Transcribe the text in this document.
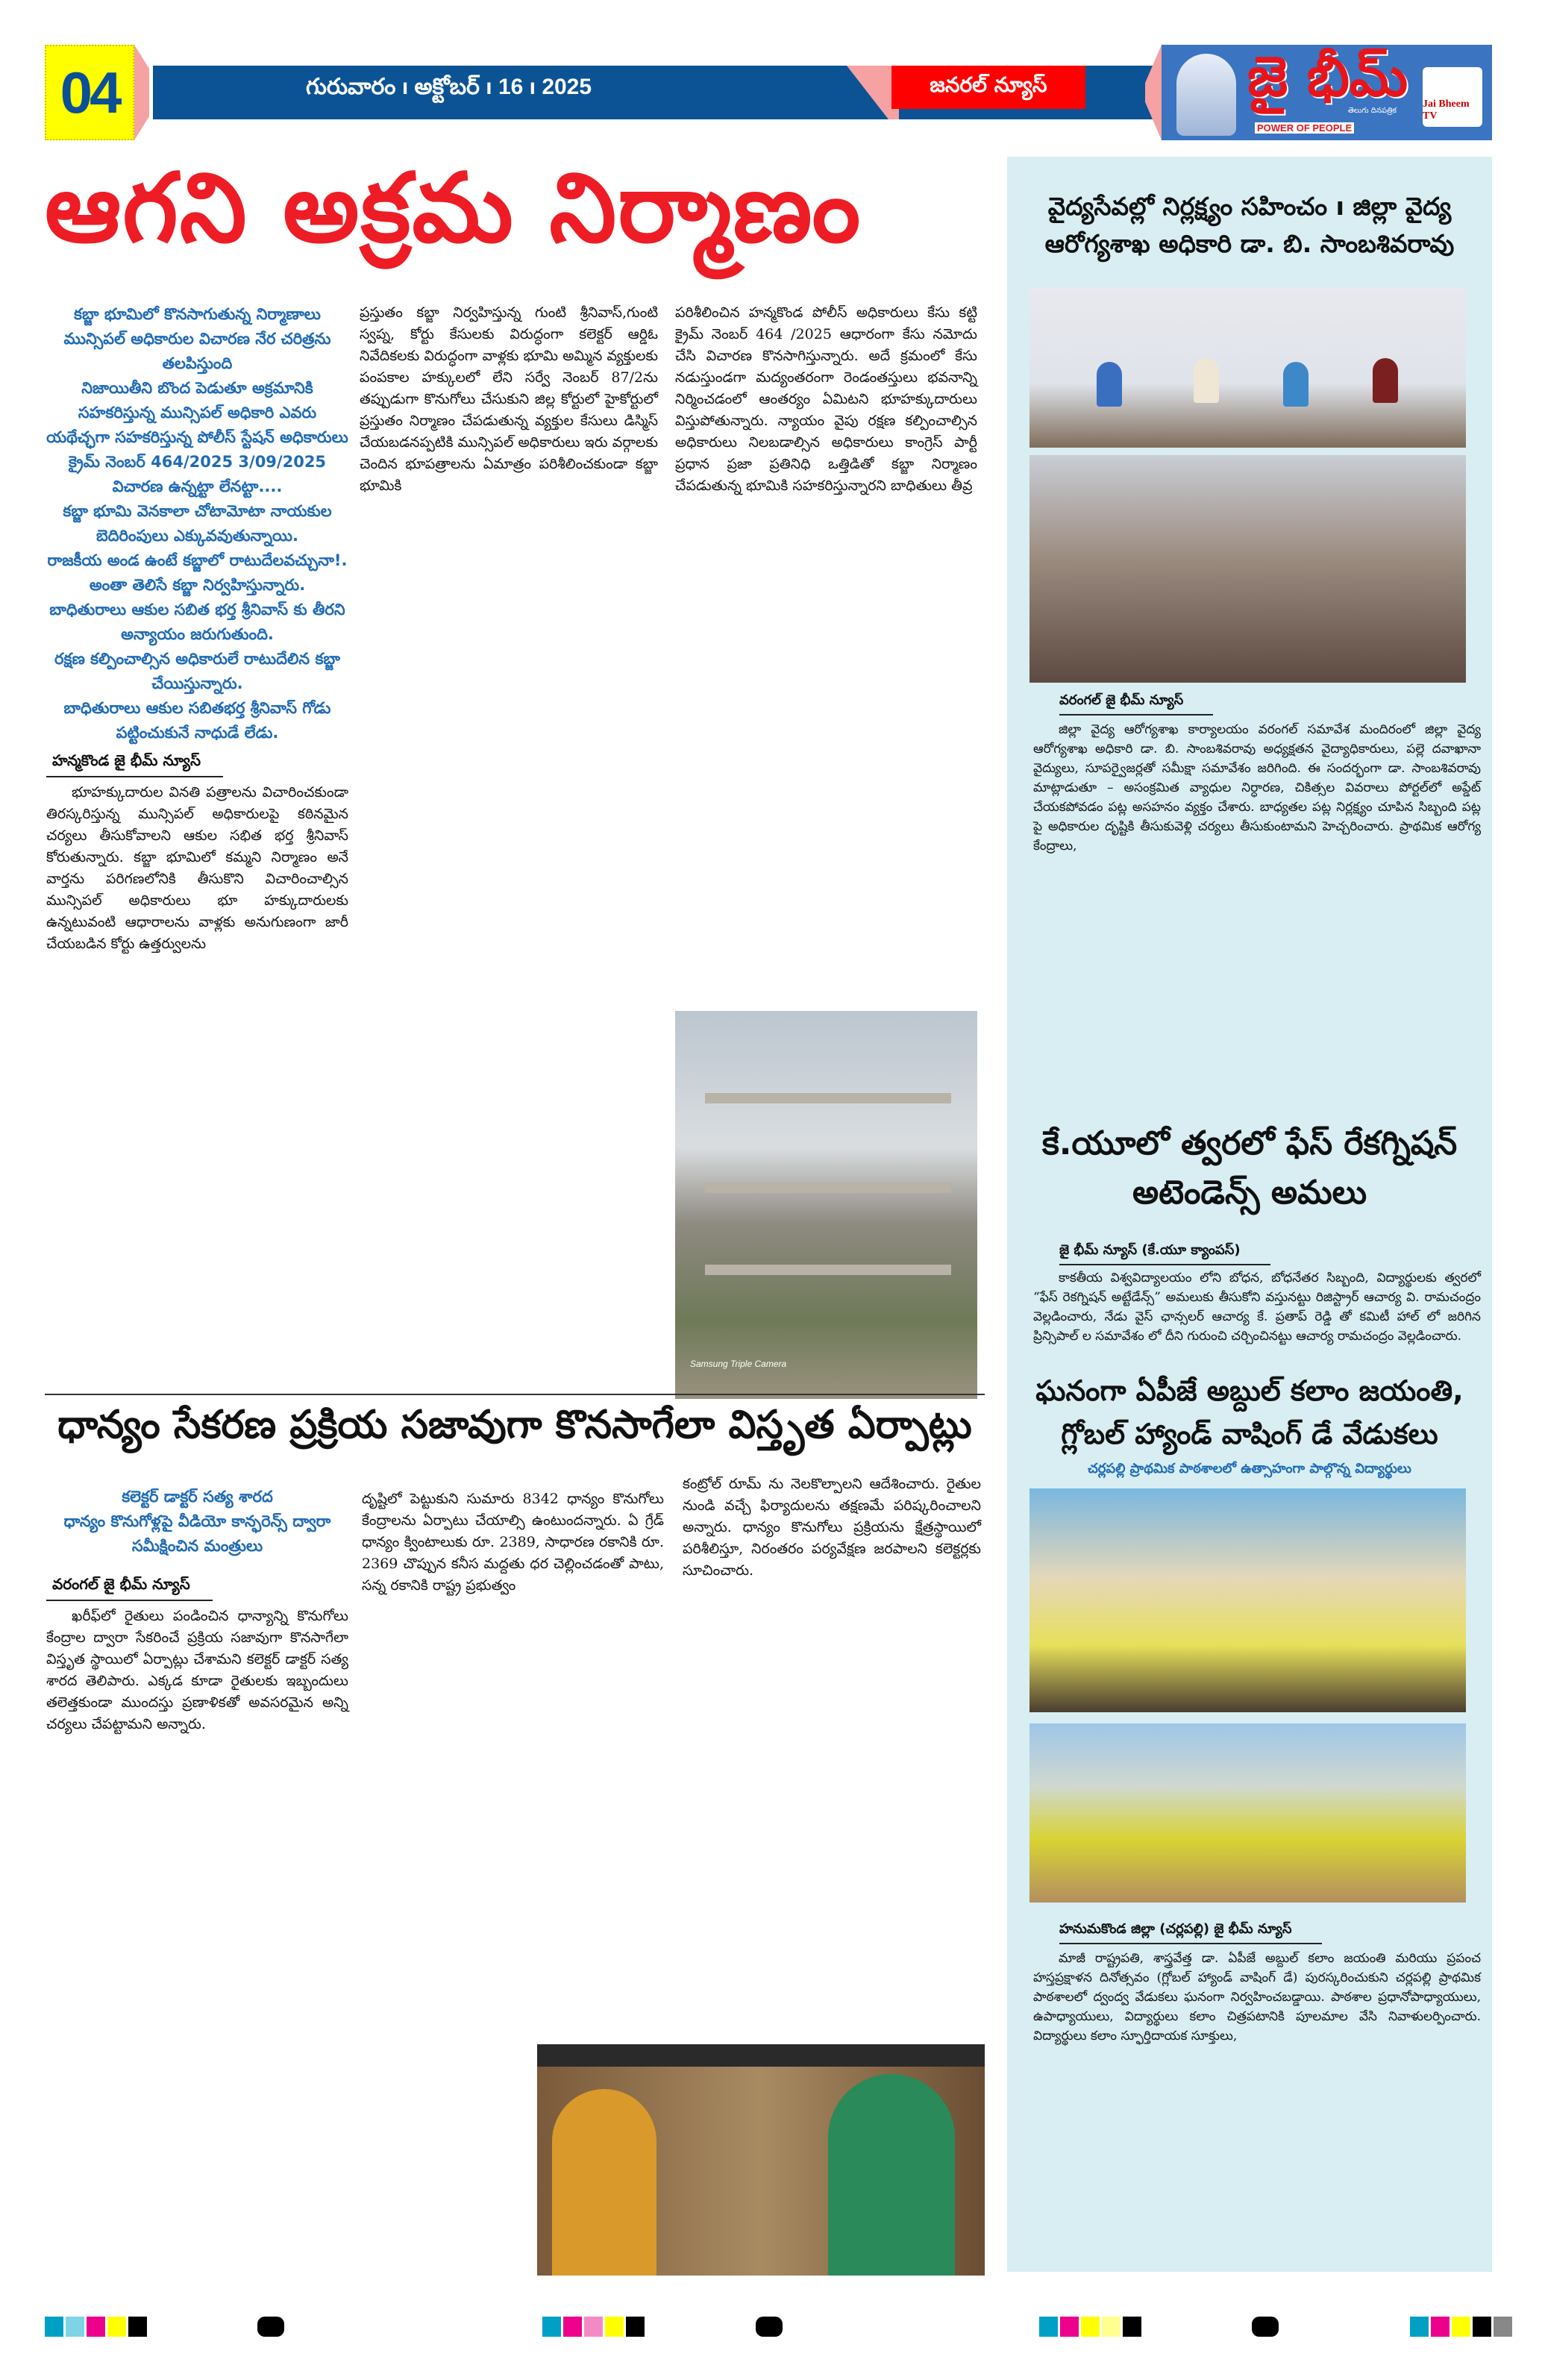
04	గురువారం ı అక్టోబర్ ı 16 ı 2025	జనరల్ న్యూస్	జై భీమ్
తెలుగు దినపత్రిక
POWER OF PEOPLE
Jai Bheem TV
ఆగని అక్రమ నిర్మాణం
కబ్జా భూమిలో కొనసాగుతున్న నిర్మాణాలు మున్సిపల్ అధికారుల విచారణ నేర చరిత్రను తలపిస్తుంది
నిజాయితీని బొంద పెడుతూ అక్రమానికి సహకరిస్తున్న మున్సిపల్ అధికారి ఎవరు యథేచ్ఛగా సహకరిస్తున్న పోలీస్ స్టేషన్ అధికారులు
క్రైమ్ నెంబర్ 464/2025 3/09/2025 విచారణ ఉన్నట్టా లేనట్టా....
కబ్జా భూమి వెనకాలా చోటామోటా నాయకుల బెదిరింపులు ఎక్కువవుతున్నాయి.
రాజకీయ అండ ఉంటే కబ్జాలో రాటుదేలవచ్చునా!.
అంతా తెలిసే కబ్జా నిర్వహిస్తున్నారు.
బాధితురాలు ఆకుల సబిత భర్త శ్రీనివాస్ కు తీరని అన్యాయం జరుగుతుంది.
రక్షణ కల్పించాల్సిన అధికారులే రాటుదేలిన కబ్జా చేయిస్తున్నారు.
బాధితురాలు ఆకుల సబితభర్త శ్రీనివాస్ గోడు పట్టించుకునే నాధుడే లేడు.
హన్మకొండ జై భీమ్ న్యూస్

భూహక్కుదారుల వినతి పత్రాలను విచారించకుండా తిరస్కరిస్తున్న మున్సిపల్ అధికారులపై కఠినమైన చర్యలు తీసుకోవాలని ఆకుల సభిత భర్త శ్రీనివాస్ కోరుతున్నారు. కబ్జా భూమిలో కమ్మని నిర్మాణం అనే వార్తను పరిగణలోనికి తీసుకొని విచారించాల్సిన మున్సిపల్ అధికారులు భూ హక్కుదారులకు ఉన్నటువంటి ఆధారాలను వాళ్లకు అనుగుణంగా జారీ చేయబడిన కోర్టు ఉత్తర్వులను

ప్రస్తుతం కబ్జా నిర్వహిస్తున్న గుంటి శ్రీనివాస్,గుంటి స్వప్న, కోర్టు కేసులకు విరుద్ధంగా కలెక్టర్ ఆర్డిఓ నివేదికలకు విరుద్ధంగా వాళ్లకు భూమి అమ్మిన వ్యక్తులకు పంపకాల హక్కులలో లేని సర్వే నెంబర్ 87/2ను తప్పుడుగా కొనుగోలు చేసుకుని జిల్ల కోర్టులో హైకోర్టులో ప్రస్తుతం నిర్మాణం చేపడుతున్న వ్యక్తుల కేసులు డిస్మిస్ చేయబడనప్పటికి మున్సిపల్ అధికారులు ఇరు వర్గాలకు చెందిన భూపత్రాలను ఏమాత్రం పరిశీలించకుండా కబ్జా భూమికి

పరిశీలించిన హన్మకొండ పోలీస్ అధికారులు కేసు కట్టి క్రైమ్ నెంబర్ 464 /2025 ఆధారంగా కేసు నమోదు చేసి విచారణ కొనసాగిస్తున్నారు. అదే క్రమంలో కేసు నడుస్తుండగా మద్యంతరంగా రెండంతస్తులు భవనాన్ని నిర్మించడంలో ఆంతర్యం ఏమిటని భూహక్కుదారులు విస్తుపోతున్నారు. న్యాయం వైపు రక్షణ కల్పించాల్సిన అధికారులు నిలబడాల్సిన అధికారులు కాంగ్రెస్ పార్టీ ప్రధాన ప్రజా ప్రతినిధి ఒత్తిడితో కబ్జా నిర్మాణం చేపడుతున్న భూమికి సహకరిస్తున్నారని బాధితులు తీవ్ర

Samsung Triple Camera
ధాన్యం సేకరణ ప్రక్రియ సజావుగా కొనసాగేలా విస్తృత ఏర్పాట్లు
కలెక్టర్ డాక్టర్ సత్య శారద
ధాన్యం కొనుగోళ్లపై వీడియో కాన్ఫరెన్స్ ద్వారా సమీక్షించిన మంత్రులు
వరంగల్ జై భీమ్ న్యూస్

ఖరీఫ్‌లో రైతులు పండించిన ధాన్యాన్ని కొనుగోలు కేంద్రాల ద్వారా సేకరించే ప్రక్రియ సజావుగా కొనసాగేలా విస్తృత స్థాయిలో ఏర్పాట్లు చేశామని కలెక్టర్ డాక్టర్ సత్య శారద తెలిపారు. ఎక్కడ కూడా రైతులకు ఇబ్బందులు తలెత్తకుండా ముందస్తు ప్రణాళికతో అవసరమైన అన్ని చర్యలు చేపట్టామని అన్నారు.

దృష్టిలో పెట్టుకుని సుమారు 8342 ధాన్యం కొనుగోలు కేంద్రాలను ఏర్పాటు చేయాల్సి ఉంటుందన్నారు. ఏ గ్రేడ్ ధాన్యం క్వింటాలుకు రూ. 2389, సాధారణ రకానికి రూ. 2369 చొప్పున కనీస మద్దతు ధర చెల్లించడంతో పాటు, సన్న రకానికి రాష్ట్ర ప్రభుత్వం

కంట్రోల్ రూమ్ ను నెలకొల్పాలని ఆదేశించారు. రైతుల నుండి వచ్చే ఫిర్యాదులను తక్షణమే పరిష్కరించాలని అన్నారు. ధాన్యం కొనుగోలు ప్రక్రియను క్షేత్రస్థాయిలో పరిశీలిస్తూ, నిరంతరం పర్యవేక్షణ జరపాలని కలెక్టర్లకు సూచించారు.

వైద్యసేవల్లో నిర్లక్ష్యం సహించం ı జిల్లా వైద్య ఆరోగ్యశాఖ అధికారి డా. బి. సాంబశివరావు
వరంగల్ జై భీమ్ న్యూస్
జిల్లా వైద్య ఆరోగ్యశాఖ కార్యాలయం వరంగల్ సమావేశ మందిరంలో జిల్లా వైద్య ఆరోగ్యశాఖ అధికారి డా. బి. సాంబశివరావు అధ్యక్షతన వైద్యాధికారులు, పల్లె దవాఖానా వైద్యులు, సూపర్వైజర్లతో సమీక్షా సమావేశం జరిగింది. ఈ సందర్భంగా డా. సాంబశివరావు మాట్లాడుతూ – అసంక్రమిత వ్యాధుల నిర్ధారణ, చికిత్సల వివరాలు పోర్టల్‌లో అప్డేట్ చేయకపోవడం పట్ల అసహనం వ్యక్తం చేశారు. బాధ్యతల పట్ల నిర్లక్ష్యం చూపిన సిబ్బంది పట్ల పై అధికారుల దృష్టికి తీసుకువెళ్లి చర్యలు తీసుకుంటామని హెచ్చరించారు. ప్రాథమిక ఆరోగ్య కేంద్రాలు,
కే.యూలో త్వరలో ఫేస్ రేకగ్నిషన్ అటెండెన్స్ అమలు
జై భీమ్ న్యూస్ (కే.యూ క్యాంపస్)
కాకతీయ విశ్వవిద్యాలయం లోని బోధన, బోధనేతర సిబ్బంది, విద్యార్థులకు త్వరలో “ఫేస్ రెకగ్నిషన్ అట్టేడేన్స్” అమలుకు తీసుకోని వస్తునట్టు రిజిస్ట్రార్ ఆచార్య వి. రామచంద్రం వెల్లడించారు, నేడు వైస్ ఛాన్సలర్ ఆచార్య కే. ప్రతాప్ రెడ్డి తో కమిటీ హాల్ లో జరిగిన ప్రిన్సిపాల్ ల సమావేశం లో దీని గురుంచి చర్చించినట్టు ఆచార్య రామచంద్రం వెల్లడించారు.
ఘనంగా ఏపీజే అబ్దుల్ కలాం జయంతి, గ్లోబల్ హ్యాండ్ వాషింగ్ డే వేడుకలు
చర్లపల్లి ప్రాథమిక పాఠశాలలో ఉత్సాహంగా పాల్గొన్న విద్యార్థులు
హనుమకొండ జిల్లా (చర్లపల్లి) జై భీమ్ న్యూస్
మాజీ రాష్ట్రపతి, శాస్త్రవేత్త డా. ఏపీజే అబ్దుల్ కలాం జయంతి మరియు ప్రపంచ హస్తప్రక్షాళన దినోత్సవం (గ్లోబల్ హ్యాండ్ వాషింగ్ డే) పురస్కరించుకుని చర్లపల్లి ప్రాథమిక పాఠశాలలో ద్వంద్వ వేడుకలు ఘనంగా నిర్వహించబడ్డాయి. పాఠశాల ప్రధానోపాధ్యాయులు, ఉపాధ్యాయులు, విద్యార్థులు కలాం చిత్రపటానికి పూలమాల వేసి నివాళులర్పించారు. విద్యార్థులు కలాం స్ఫూర్తిదాయక సూక్తులు,
